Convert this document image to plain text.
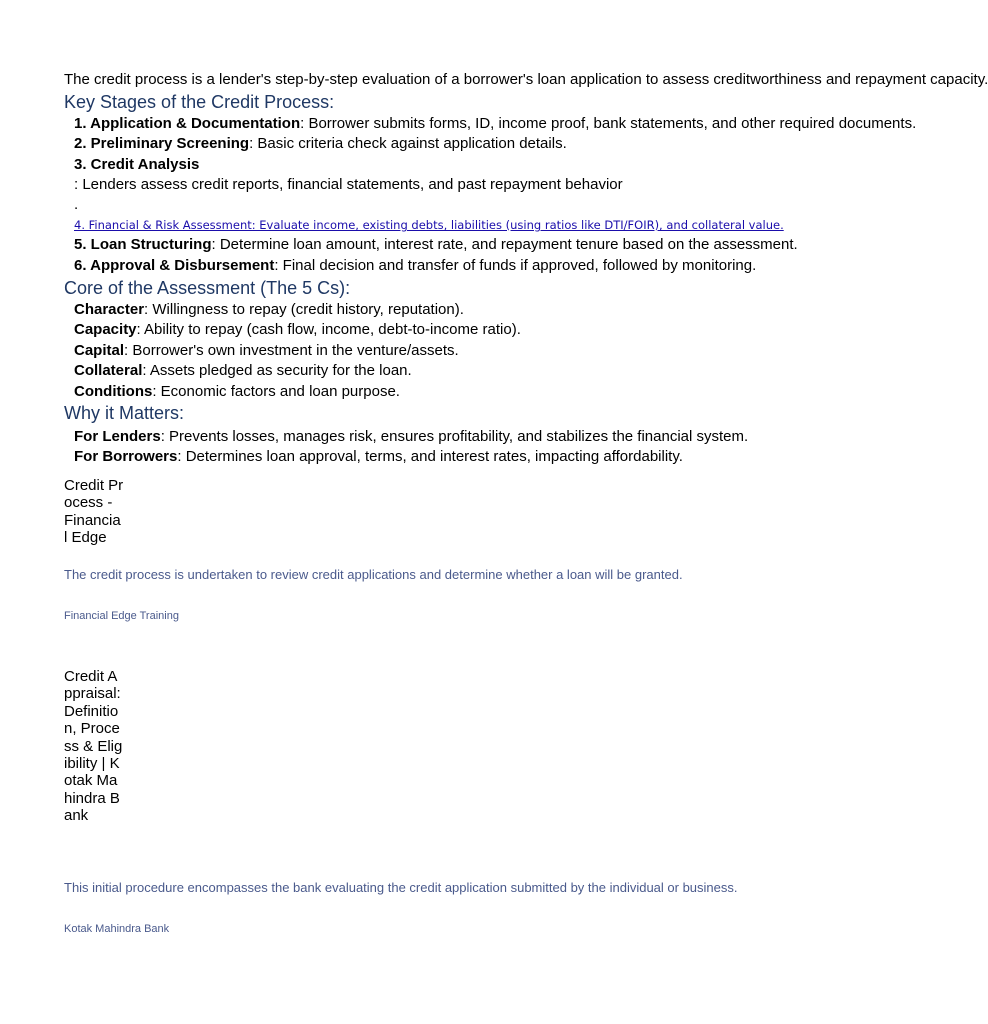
The credit process is a lender's step-by-step evaluation of a borrower's loan application to assess creditworthiness and repayment capacity.
Key Stages of the Credit Process:
1. Application & Documentation: Borrower submits forms, ID, income proof, bank statements, and other required documents.
2. Preliminary Screening: Basic criteria check against application details.
3. Credit Analysis
: Lenders assess credit reports, financial statements, and past repayment behavior
.
4. Financial & Risk Assessment: Evaluate income, existing debts, liabilities (using ratios like DTI/FOIR), and collateral value.
5. Loan Structuring: Determine loan amount, interest rate, and repayment tenure based on the assessment.
6. Approval & Disbursement: Final decision and transfer of funds if approved, followed by monitoring.
Core of the Assessment (The 5 Cs):
Character: Willingness to repay (credit history, reputation).
Capacity: Ability to repay (cash flow, income, debt-to-income ratio).
Capital: Borrower's own investment in the venture/assets.
Collateral: Assets pledged as security for the loan.
Conditions: Economic factors and loan purpose.
Why it Matters:
For Lenders: Prevents losses, manages risk, ensures profitability, and stabilizes the financial system.
For Borrowers: Determines loan approval, terms, and interest rates, impacting affordability.
Credit Process - Financial Edge
The credit process is undertaken to review credit applications and determine whether a loan will be granted.
Financial Edge Training
Credit Appraisal: Definition, Process & Eligibility | Kotak Mahindra Bank
This initial procedure encompasses the bank evaluating the credit application submitted by the individual or business.
Kotak Mahindra Bank
